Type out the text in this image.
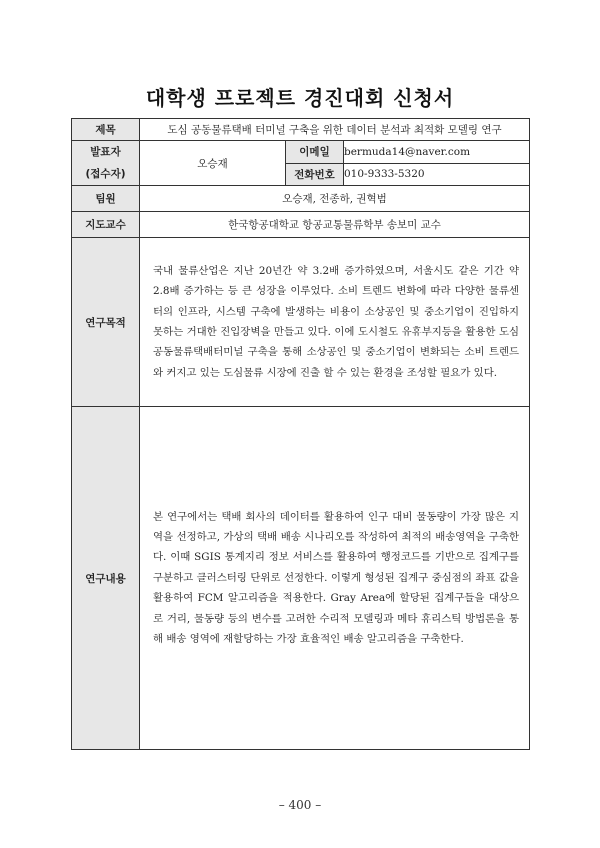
대학생 프로젝트 경진대회 신청서
제목	도심 공동물류택배 터미널 구축을 위한 데이터 분석과 최적화 모델링 연구		

발표자
(접수자)	오승재	이메일	bermuda14@naver.com
		전화번호	010-9333-5320
팀원	오승재, 전종하, 권혁범		
지도교수	한국항공대학교 항공교통물류학부 송보미 교수		
연구목적	국내 물류산업은 지난 20년간 약 3.2배 증가하였으며, 서울시도 같은 기간 약 2.8배 증가하는 등 큰 성장을 이루었다. 소비 트렌드 변화에 따라 다양한 물류센터의 인프라, 시스템 구축에 발생하는 비용이 소상공인 및 중소기업이 진입하지 못하는 거대한 진입장벽을 만들고 있다. 이에 도시철도 유휴부지등을 활용한 도심공동물류택배터미널 구축을 통해 소상공인 및 중소기업이 변화되는 소비 트렌드와 커지고 있는 도심물류 시장에 진출 할 수 있는 환경을 조성할 필요가 있다.		

연구내용	본 연구에서는 택배 회사의 데이터를 활용하여 인구 대비 물동량이 가장 많은 지역을 선정하고, 가상의 택배 배송 시나리오를 작성하여 최적의 배송영역을 구축한다. 이때 SGIS 통계지리 정보 서비스를 활용하여 행정코드를 기반으로 집계구를 구분하고 클러스터링 단위로 선정한다. 이렇게 형성된 집계구 중심점의 좌표 값을 활용하여 FCM 알고리즘을 적용한다. Gray Area에 할당된 집계구들을 대상으로 거리, 물동량 등의 변수를 고려한 수리적 모델링과 메타 휴리스틱 방법론을 통해 배송 영역에 재할당하는 가장 효율적인 배송 알고리즘을 구축한다.		
– 400 –
